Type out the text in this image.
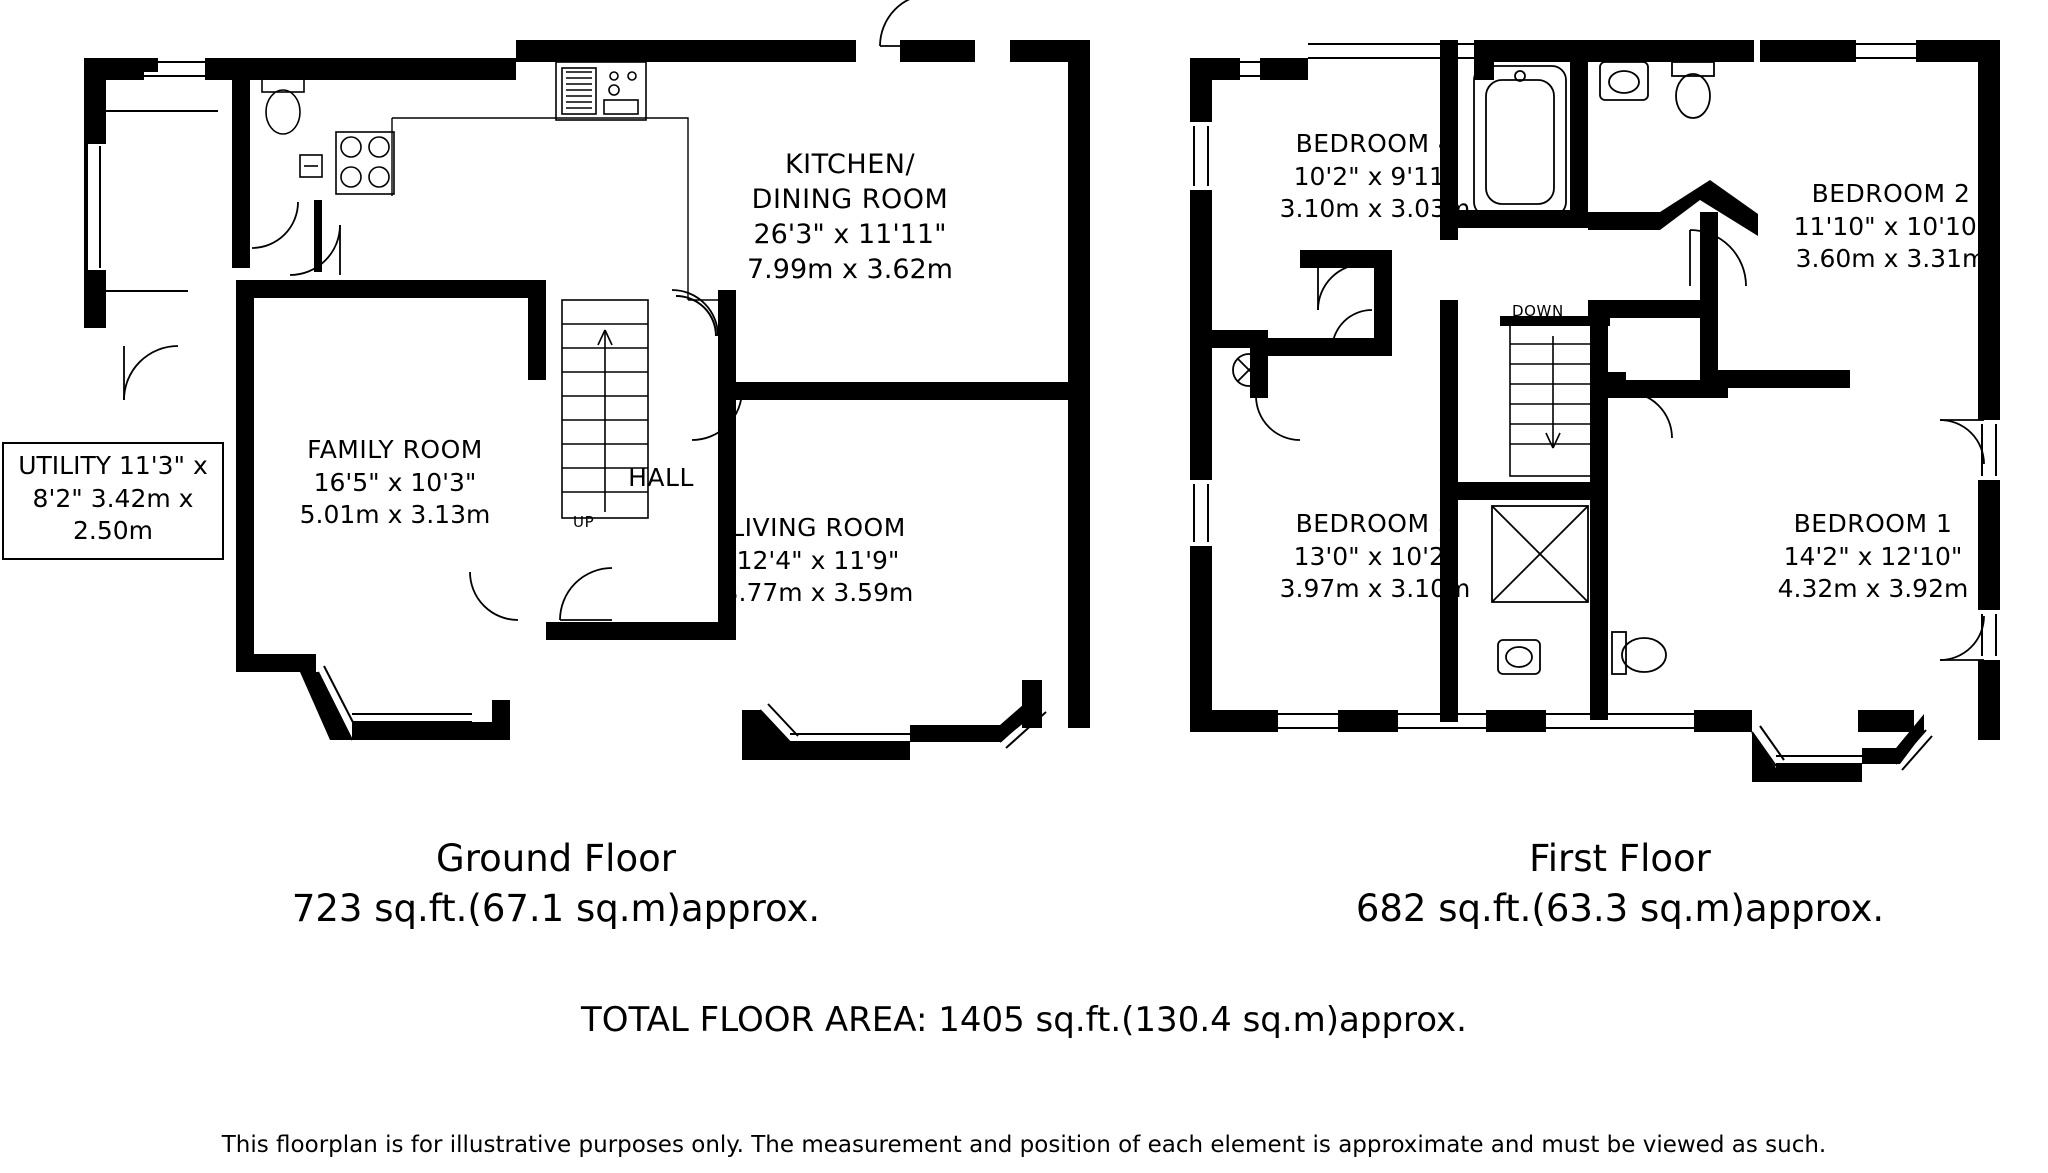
KITCHEN/
DINING ROOM
26'3" x 11'11"
7.99m x 3.62m
FAMILY ROOM
16'5" x 10'3"
5.01m x 3.13m	LIVING ROOM
12'4" x 11'9"
3.77m x 3.59m
UTILITY 11'3" x 8'2" 3.42m x 2.50m
HALL
UP
BEDROOM 4
10'2" x 9'11"
3.10m x 3.03m
BEDROOM 2
11'10" x 10'10"
3.60m x 3.31m
BEDROOM 3
13'0" x 10'2"
3.97m x 3.10m
BEDROOM 1
14'2" x 12'10"
4.32m x 3.92m
DOWN
Ground Floor
723 sq.ft.(67.1 sq.m)approx.
First Floor
682 sq.ft.(63.3 sq.m)approx.
TOTAL FLOOR AREA: 1405 sq.ft.(130.4 sq.m)approx.
This floorplan is for illustrative purposes only. The measurement and position of each element is approximate and must be viewed as such.
